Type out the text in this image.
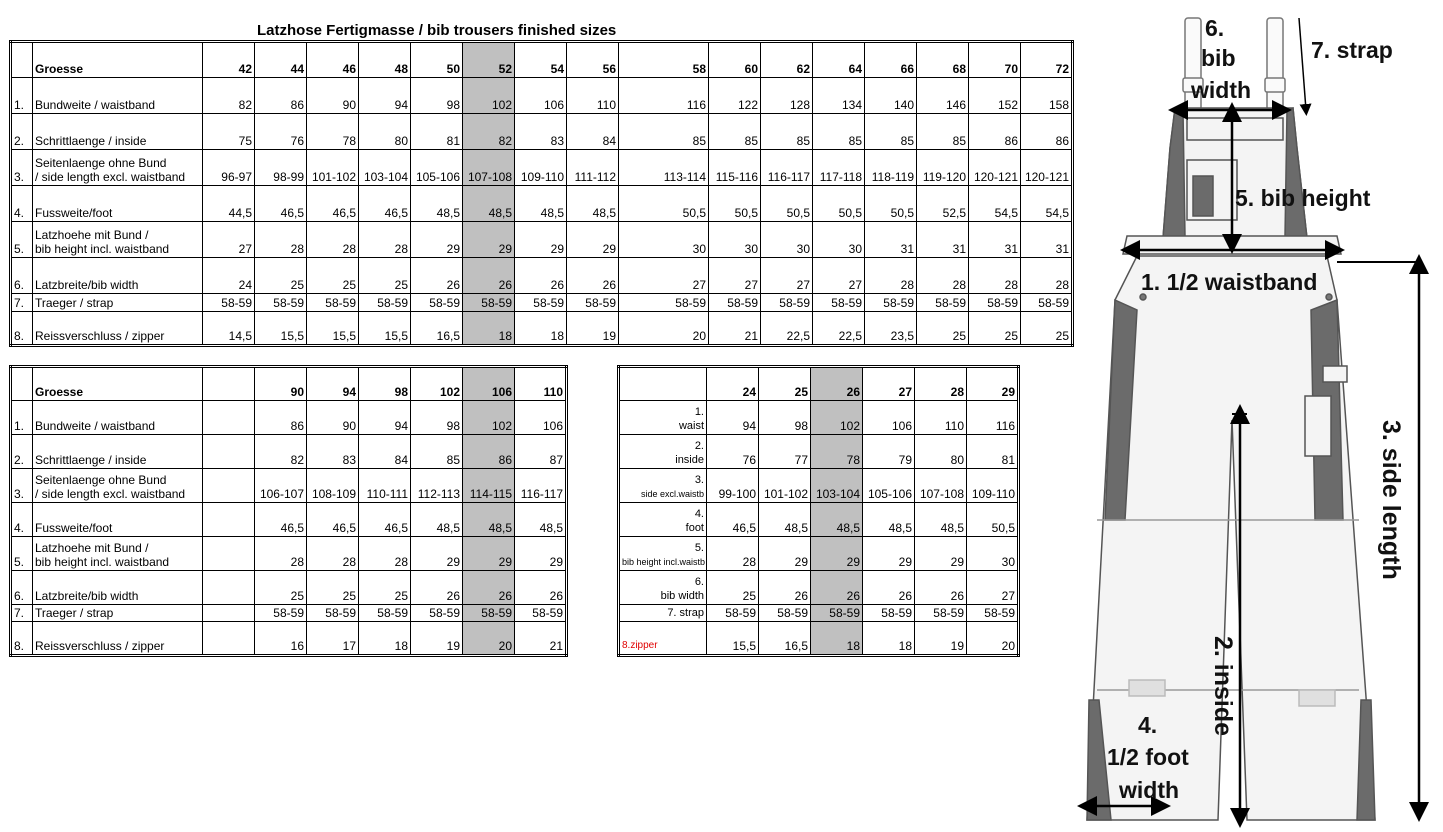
Latzhose Fertigmasse / bib trousers finished sizes
	Groesse	42	44	46	48	50	52	54	56	58	60	62	64	66	68	70	72
1.	Bundweite / waistband	82	86	90	94	98	102	106	110	116	122	128	134	140	146	152	158
2.	Schrittlaenge / inside	75	76	78	80	81	82	83	84	85	85	85	85	85	85	86	86
3.	Seitenlaenge ohne Bund
/ side length excl. waistband	96-97	98-99	101-102	103-104	105-106	107-108	109-110	111-112	113-114	115-116	116-117	117-118	118-119	119-120	120-121	120-121
4.	Fussweite/foot	44,5	46,5	46,5	46,5	48,5	48,5	48,5	48,5	50,5	50,5	50,5	50,5	50,5	52,5	54,5	54,5
5.	Latzhoehe mit Bund /
bib height incl. waistband	27	28	28	28	29	29	29	29	30	30	30	30	31	31	31	31
6.	Latzbreite/bib width	24	25	25	25	26	26	26	26	27	27	27	27	28	28	28	28
7.	Traeger / strap	58-59	58-59	58-59	58-59	58-59	58-59	58-59	58-59	58-59	58-59	58-59	58-59	58-59	58-59	58-59	58-59
8.	Reissverschluss / zipper	14,5	15,5	15,5	15,5	16,5	18	18	19	20	21	22,5	22,5	23,5	25	25	25
	Groesse		90	94	98	102	106	110
1.	Bundweite / waistband		86	90	94	98	102	106
2.	Schrittlaenge / inside		82	83	84	85	86	87
3.	Seitenlaenge ohne Bund
/ side length excl. waistband		106-107	108-109	110-111	112-113	114-115	116-117
4.	Fussweite/foot		46,5	46,5	46,5	48,5	48,5	48,5
5.	Latzhoehe mit Bund /
bib height incl. waistband		28	28	28	29	29	29
6.	Latzbreite/bib width		25	25	25	26	26	26
7.	Traeger / strap		58-59	58-59	58-59	58-59	58-59	58-59
8.	Reissverschluss / zipper		16	17	18	19	20	21
	24	25	26	27	28	29
1.
waist	94	98	102	106	110	116
2.
inside	76	77	78	79	80	81
3.
side excl.waistb	99-100	101-102	103-104	105-106	107-108	109-110
4.
foot	46,5	48,5	48,5	48,5	48,5	50,5
5.
bib height incl.waistb	28	29	29	29	29	30
6.
bib width	25	26	26	26	26	27
7. strap	58-59	58-59	58-59	58-59	58-59	58-59
8.zipper	15,5	16,5	18	18	19	20
6.
bib
width
7. strap
5. bib height
1. 1/2 waistband
3. side length
2. inside
4.
1/2 foot
width
